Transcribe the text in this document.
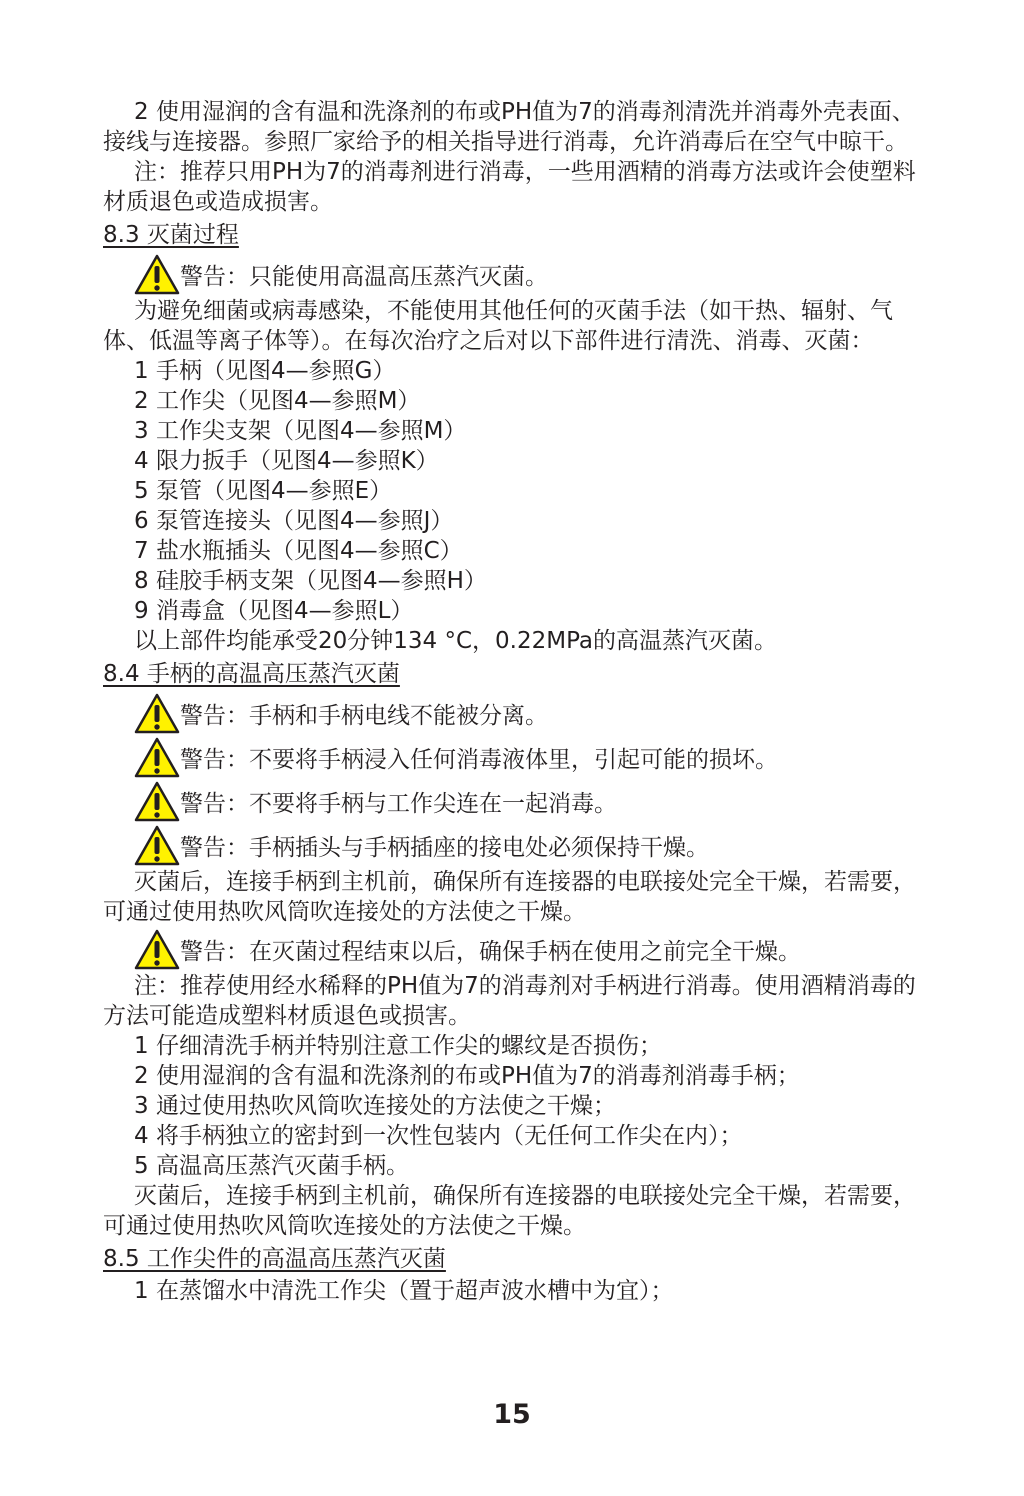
2 使用湿润的含有温和洗涤剂的布或PH值为7的消毒剂清洗并消毒外壳表面、接线与连接器。参照厂家给予的相关指导进行消毒，允许消毒后在空气中晾干。

注：推荐只用PH为7的消毒剂进行消毒，一些用酒精的消毒方法或许会使塑料材质退色或造成损害。

8.3 灭菌过程
警告：只能使用高温高压蒸汽灭菌。

为避免细菌或病毒感染，不能使用其他任何的灭菌手法（如干热、辐射、气体、低温等离子体等）。在每次治疗之后对以下部件进行清洗、消毒、灭菌：

1 手柄（见图4—参照G）

2 工作尖（见图4—参照M）

3 工作尖支架（见图4—参照M）

4 限力扳手（见图4—参照K）

5 泵管（见图4—参照E）

6 泵管连接头（见图4—参照J）

7 盐水瓶插头（见图4—参照C）

8 硅胶手柄支架（见图4—参照H）

9 消毒盒（见图4—参照L）

以上部件均能承受20分钟134 °C，0.22MPa的高温蒸汽灭菌。

8.4 手柄的高温高压蒸汽灭菌
警告：手柄和手柄电线不能被分离。
警告：不要将手柄浸入任何消毒液体里，引起可能的损坏。
警告：不要将手柄与工作尖连在一起消毒。
警告：手柄插头与手柄插座的接电处必须保持干燥。

灭菌后，连接手柄到主机前，确保所有连接器的电联接处完全干燥，若需要，可通过使用热吹风筒吹连接处的方法使之干燥。

警告：在灭菌过程结束以后，确保手柄在使用之前完全干燥。

注：推荐使用经水稀释的PH值为7的消毒剂对手柄进行消毒。使用酒精消毒的方法可能造成塑料材质退色或损害。

1 仔细清洗手柄并特别注意工作尖的螺纹是否损伤；

2 使用湿润的含有温和洗涤剂的布或PH值为7的消毒剂消毒手柄；

3 通过使用热吹风筒吹连接处的方法使之干燥；

4 将手柄独立的密封到一次性包装内（无任何工作尖在内）；

5 高温高压蒸汽灭菌手柄。

灭菌后，连接手柄到主机前，确保所有连接器的电联接处完全干燥，若需要，可通过使用热吹风筒吹连接处的方法使之干燥。

8.5 工作尖件的高温高压蒸汽灭菌

1 在蒸馏水中清洗工作尖（置于超声波水槽中为宜）；

15
